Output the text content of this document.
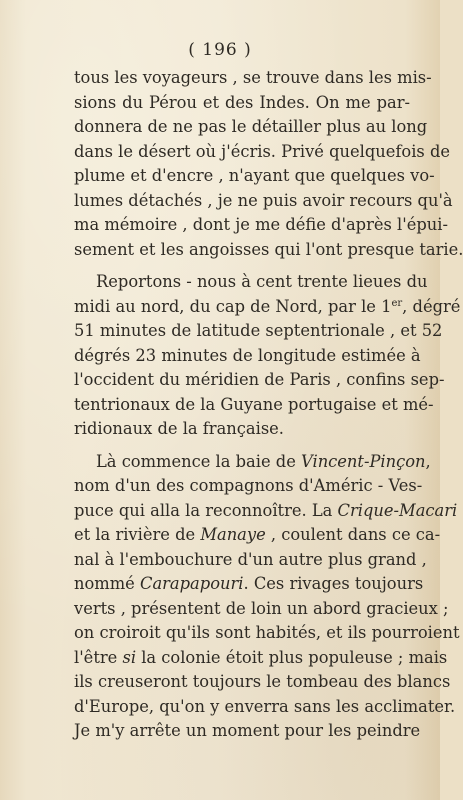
( 196 )
tous les voyageurs , se trouve dans les mis-
sions du Pérou et des Indes. On me par-
donnera de ne pas le détailler plus au long
dans le désert où j'écris. Privé quelquefois de
plume et d'encre , n'ayant que quelques vo-
lumes détachés , je ne puis avoir recours qu'à
ma mémoire , dont je me défie d'après l'épui-
sement et les angoisses qui l'ont presque tarie.
Reportons - nous à cent trente lieues du
midi au nord, du cap de Nord, par le 1er, dégré
51 minutes de latitude septentrionale , et 52
dégrés 23 minutes de longitude estimée à
l'occident du méridien de Paris , confins sep-
tentrionaux de la Guyane portugaise et mé-
ridionaux de la française.
Là commence la baie de Vincent-Pinçon,
nom d'un des compagnons d'Améric - Ves-
puce qui alla la reconnoître. La Crique-Macari
et la rivière de Manaye , coulent dans ce ca-
nal à l'embouchure d'un autre plus grand ,
nommé Carapapouri. Ces rivages toujours
verts , présentent de loin un abord gracieux ;
on croiroit qu'ils sont habités, et ils pourroient
l'être si la colonie étoit plus populeuse ; mais
ils creuseront toujours le tombeau des blancs
d'Europe, qu'on y enverra sans les acclimater.
Je m'y arrête un moment pour les peindre
